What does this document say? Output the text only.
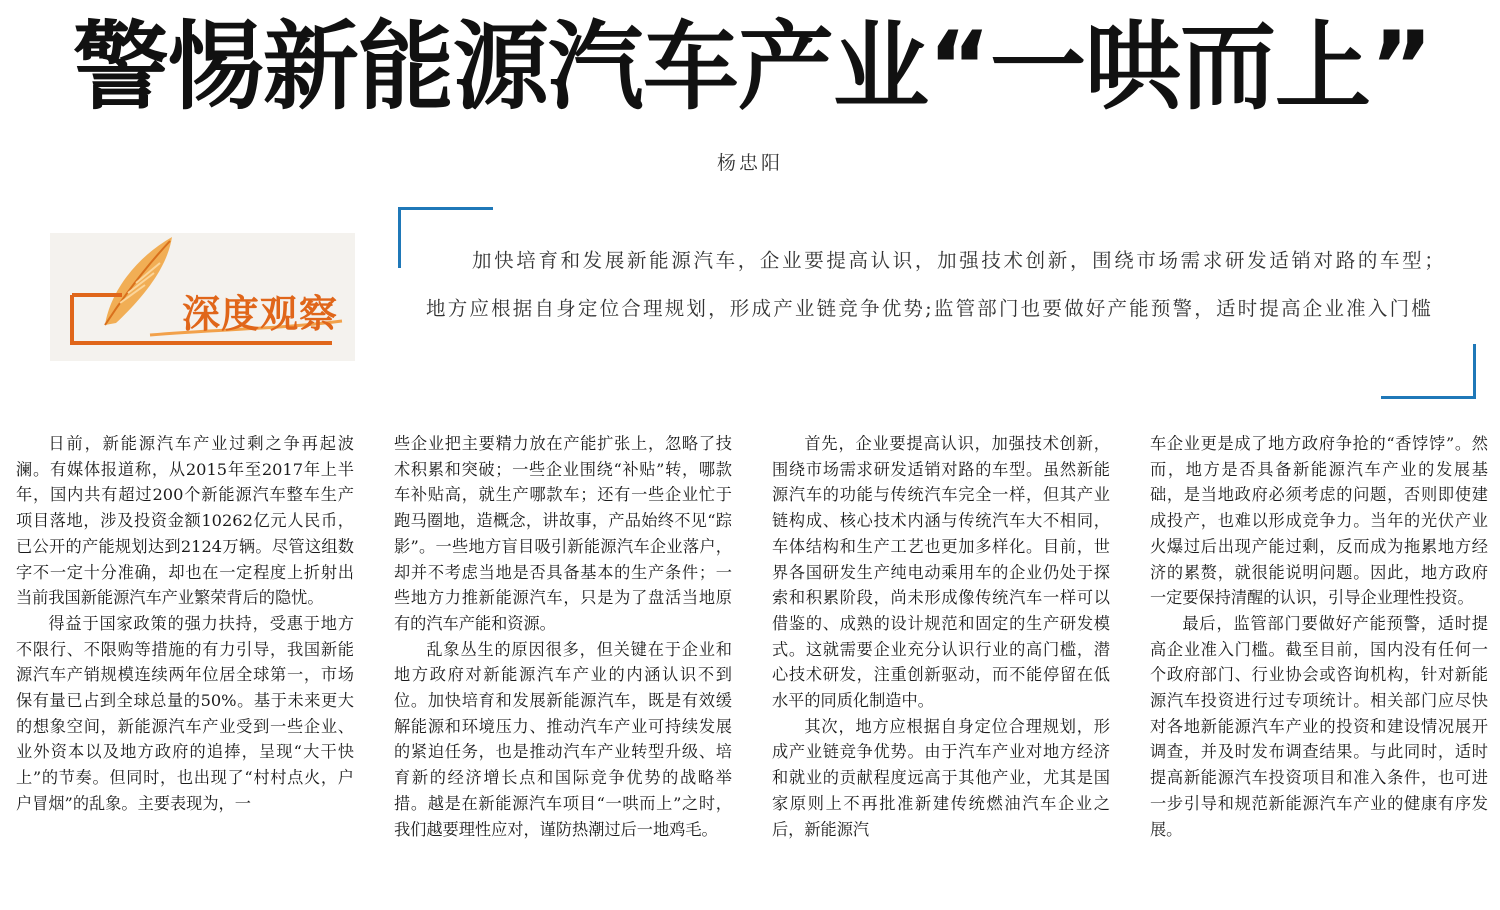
警惕新能源汽车产业“一哄而上”
杨忠阳
深度观察

加快培育和发展新能源汽车，企业要提高认识，加强技术创新，围绕市场需求研发适销对路的车型；地方应根据自身定位合理规划，形成产业链竞争优势;监管部门也要做好产能预警，适时提高企业准入门槛

日前，新能源汽车产业过剩之争再起波澜。有媒体报道称，从2015年至2017年上半年，国内共有超过200个新能源汽车整车生产项目落地，涉及投资金额10262亿元人民币，已公开的产能规划达到2124万辆。尽管这组数字不一定十分准确，却也在一定程度上折射出当前我国新能源汽车产业繁荣背后的隐忧。

得益于国家政策的强力扶持，受惠于地方不限行、不限购等措施的有力引导，我国新能源汽车产销规模连续两年位居全球第一，市场保有量已占到全球总量的50%。基于未来更大的想象空间，新能源汽车产业受到一些企业、业外资本以及地方政府的追捧，呈现“大干快上”的节奏。但同时，也出现了“村村点火，户户冒烟”的乱象。主要表现为，一

些企业把主要精力放在产能扩张上，忽略了技术积累和突破；一些企业围绕“补贴”转，哪款车补贴高，就生产哪款车；还有一些企业忙于跑马圈地，造概念，讲故事，产品始终不见“踪影”。一些地方盲目吸引新能源汽车企业落户，却并不考虑当地是否具备基本的生产条件；一些地方力推新能源汽车，只是为了盘活当地原有的汽车产能和资源。

乱象丛生的原因很多，但关键在于企业和地方政府对新能源汽车产业的内涵认识不到位。加快培育和发展新能源汽车，既是有效缓解能源和环境压力、推动汽车产业可持续发展的紧迫任务，也是推动汽车产业转型升级、培育新的经济增长点和国际竞争优势的战略举措。越是在新能源汽车项目“一哄而上”之时，我们越要理性应对，谨防热潮过后一地鸡毛。

首先，企业要提高认识，加强技术创新，围绕市场需求研发适销对路的车型。虽然新能源汽车的功能与传统汽车完全一样，但其产业链构成、核心技术内涵与传统汽车大不相同，车体结构和生产工艺也更加多样化。目前，世界各国研发生产纯电动乘用车的企业仍处于探索和积累阶段，尚未形成像传统汽车一样可以借鉴的、成熟的设计规范和固定的生产研发模式。这就需要企业充分认识行业的高门槛，潜心技术研发，注重创新驱动，而不能停留在低水平的同质化制造中。

其次，地方应根据自身定位合理规划，形成产业链竞争优势。由于汽车产业对地方经济和就业的贡献程度远高于其他产业，尤其是国家原则上不再批准新建传统燃油汽车企业之后，新能源汽

车企业更是成了地方政府争抢的“香饽饽”。然而，地方是否具备新能源汽车产业的发展基础，是当地政府必须考虑的问题，否则即使建成投产，也难以形成竞争力。当年的光伏产业火爆过后出现产能过剩，反而成为拖累地方经济的累赘，就很能说明问题。因此，地方政府一定要保持清醒的认识，引导企业理性投资。

最后，监管部门要做好产能预警，适时提高企业准入门槛。截至目前，国内没有任何一个政府部门、行业协会或咨询机构，针对新能源汽车投资进行过专项统计。相关部门应尽快对各地新能源汽车产业的投资和建设情况展开调查，并及时发布调查结果。与此同时，适时提高新能源汽车投资项目和准入条件，也可进一步引导和规范新能源汽车产业的健康有序发展。
